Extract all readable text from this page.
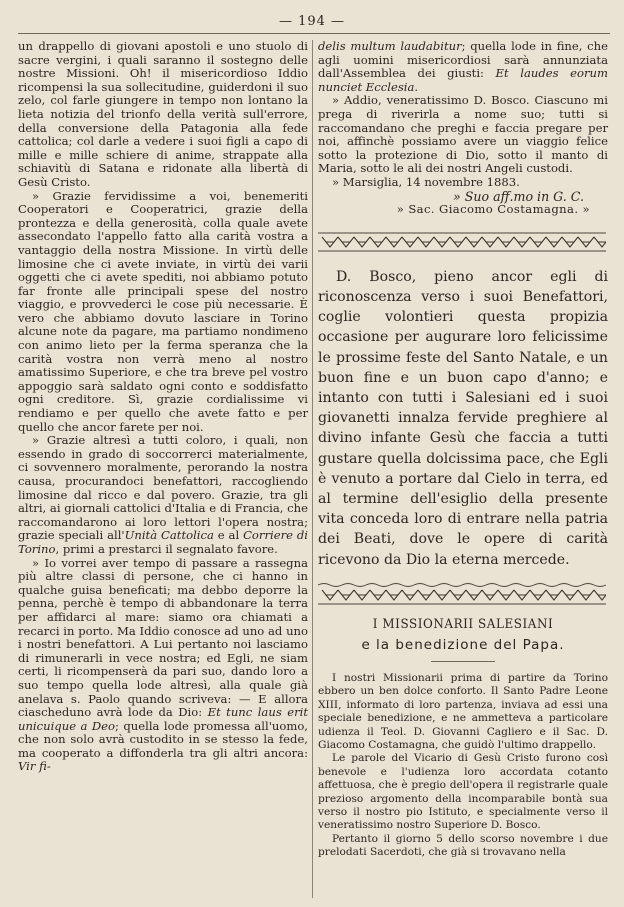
— 194 —

un drappello di giovani apostoli e uno stuolo di sacre vergini, i quali saranno il sostegno delle nostre Missioni. Oh! il misericordioso Iddio ricompensi la sua sollecitudine, guiderdoni il suo zelo, col farle giungere in tempo non lontano la lieta notizia del trionfo della verità sull'errore, della conversione della Patagonia alla fede cattolica; col darle a vedere i suoi figli a capo di mille e mille schiere di anime, strappate alla schiavitù di Satana e ridonate alla libertà di Gesù Cristo.

» Grazie fervidissime a voi, benemeriti Cooperatori e Cooperatrici, grazie della prontezza e della generosità, colla quale avete assecondato l'appello fatto alla carità vostra a vantaggio della nostra Missione. In virtù delle limosine che ci avete inviate, in virtù dei varii oggetti che ci avete spediti, noi abbiamo potuto far fronte alle principali spese del nostro viaggio, e provvederci le cose più necessarie. È vero che abbiamo dovuto lasciare in Torino alcune note da pagare, ma partiamo nondimeno con animo lieto per la ferma speranza che la carità vostra non verrà meno al nostro amatissimo Superiore, e che tra breve pel vostro appoggio sarà saldato ogni conto e soddisfatto ogni creditore. Sì, grazie cordialissime vi rendiamo e per quello che avete fatto e per quello che ancor farete per noi.

» Grazie altresì a tutti coloro, i quali, non essendo in grado di soccorrerci materialmente, ci sovvennero moralmente, perorando la nostra causa, procurandoci benefattori, raccogliendo limosine dal ricco e dal povero. Grazie, tra gli altri, ai giornali cattolici d'Italia e di Francia, che raccomandarono ai loro lettori l'opera nostra; grazie speciali all'Unità Cattolica e al Corriere di Torino, primi a prestarci il segnalato favore.

» Io vorrei aver tempo di passare a rassegna più altre classi di persone, che ci hanno in qualche guisa beneficati; ma debbo deporre la penna, perchè è tempo di abbandonare la terra per affidarci al mare: siamo ora chiamati a recarci in porto. Ma Iddio conosce ad uno ad uno i nostri benefattori. A Lui pertanto noi lasciamo di rimunerarli in vece nostra; ed Egli, ne siam certi, li ricompenserà da pari suo, dando loro a suo tempo quella lode altresì, alla quale già anelava s. Paolo quando scriveva: — E allora ciascheduno avrà lode da Dio: Et tunc laus erit unicuique a Deo; quella lode promessa all'uomo, che non solo avrà custodito in se stesso la fede, ma cooperato a diffonderla tra gli altri ancora: Vir fi-

delis multum laudabitur; quella lode in fine, che agli uomini misericordiosi sarà annunziata dall'Assemblea dei giusti: Et laudes eorum nunciet Ecclesia.

» Addio, veneratissimo D. Bosco. Ciascuno mi prega di riverirla a nome suo; tutti si raccomandano che preghi e faccia pregare per noi, affinchè possiamo avere un viaggio felice sotto la protezione di Dio, sotto il manto di Maria, sotto le ali dei nostri Angeli custodi.

» Marsiglia, 14 novembre 1883.

» Suo aff.mo in G. C.

» Sac. Giacomo Costamagna. »

D. Bosco, pieno ancor egli di riconoscenza verso i suoi Benefattori, coglie volontieri questa propizia occasione per augurare loro felicissime le prossime feste del Santo Natale, e un buon fine e un buon capo d'anno; e intanto con tutti i Salesiani ed i suoi giovanetti innalza fervide preghiere al divino infante Gesù che faccia a tutti gustare quella dolcissima pace, che Egli è venuto a portare dal Cielo in terra, ed al termine dell'esiglio della presente vita conceda loro di entrare nella patria dei Beati, dove le opere di carità ricevono da Dio la eterna mercede.

I MISSIONARII SALESIANI
e la benedizione del Papa.

I nostri Missionarii prima di partire da Torino ebbero un ben dolce conforto. Il Santo Padre Leone XIII, informato di loro partenza, inviava ad essi una speciale benedizione, e ne ammetteva a particolare udienza il Teol. D. Giovanni Cagliero e il Sac. D. Giacomo Costamagna, che guidò l'ultimo drappello.

Le parole del Vicario di Gesù Cristo furono così benevole e l'udienza loro accordata cotanto affettuosa, che è pregio dell'opera il registrarle quale prezioso argomento della incomparabile bontà sua verso il nostro pio Istituto, e specialmente verso il veneratissimo nostro Superiore D. Bosco.

Pertanto il giorno 5 dello scorso novembre i due prelodati Sacerdoti, che già si trovavano nella
